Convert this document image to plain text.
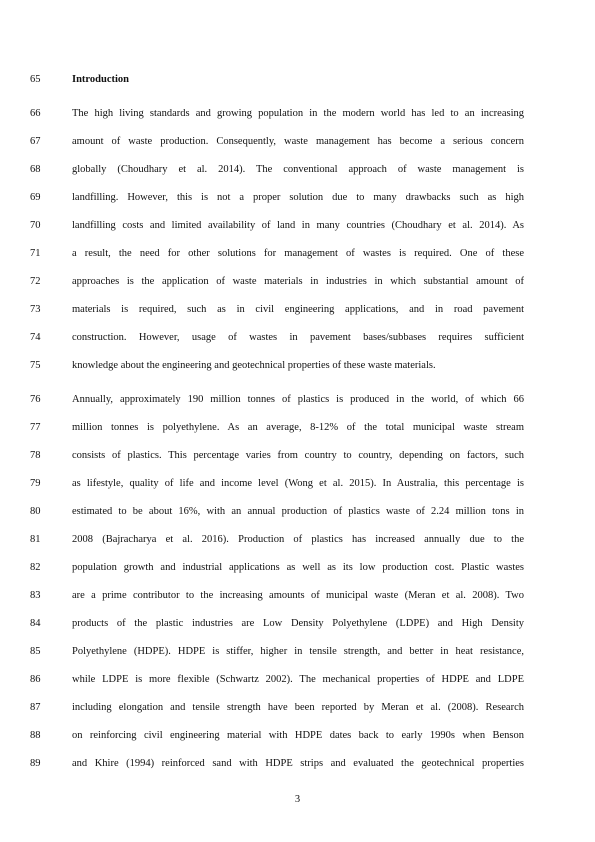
65	Introduction
66	The high living standards and growing population in the modern world has led to an increasing
67	amount of waste production. Consequently, waste management has become a serious concern
68	globally (Choudhary et al. 2014). The conventional approach of waste management is
69	landfilling. However, this is not a proper solution due to many drawbacks such as high
70	landfilling costs and limited availability of land in many countries (Choudhary et al. 2014). As
71	a result, the need for other solutions for management of wastes is required. One of these
72	approaches is the application of waste materials in industries in which substantial amount of
73	materials is required, such as in civil engineering applications, and in road pavement
74	construction. However, usage of wastes in pavement bases/subbases requires sufficient
75	knowledge about the engineering and geotechnical properties of these waste materials.
76	Annually, approximately 190 million tonnes of plastics is produced in the world, of which 66
77	million tonnes is polyethylene. As an average, 8-12% of the total municipal waste stream
78	consists of plastics. This percentage varies from country to country, depending on factors, such
79	as lifestyle, quality of life and income level (Wong et al. 2015). In Australia, this percentage is
80	estimated to be about 16%, with an annual production of plastics waste of 2.24 million tons in
81	2008 (Bajracharya et al. 2016). Production of plastics has increased annually due to the
82	population growth and industrial applications as well as its low production cost. Plastic wastes
83	are a prime contributor to the increasing amounts of municipal waste (Meran et al. 2008). Two
84	products of the plastic industries are Low Density Polyethylene (LDPE) and High Density
85	Polyethylene (HDPE). HDPE is stiffer, higher in tensile strength, and better in heat resistance,
86	while LDPE is more flexible (Schwartz 2002). The mechanical properties of HDPE and LDPE
87	including elongation and tensile strength have been reported by Meran et al. (2008). Research
88	on reinforcing civil engineering material with HDPE dates back to early 1990s when Benson
89	and Khire (1994) reinforced sand with HDPE strips and evaluated the geotechnical properties
3
